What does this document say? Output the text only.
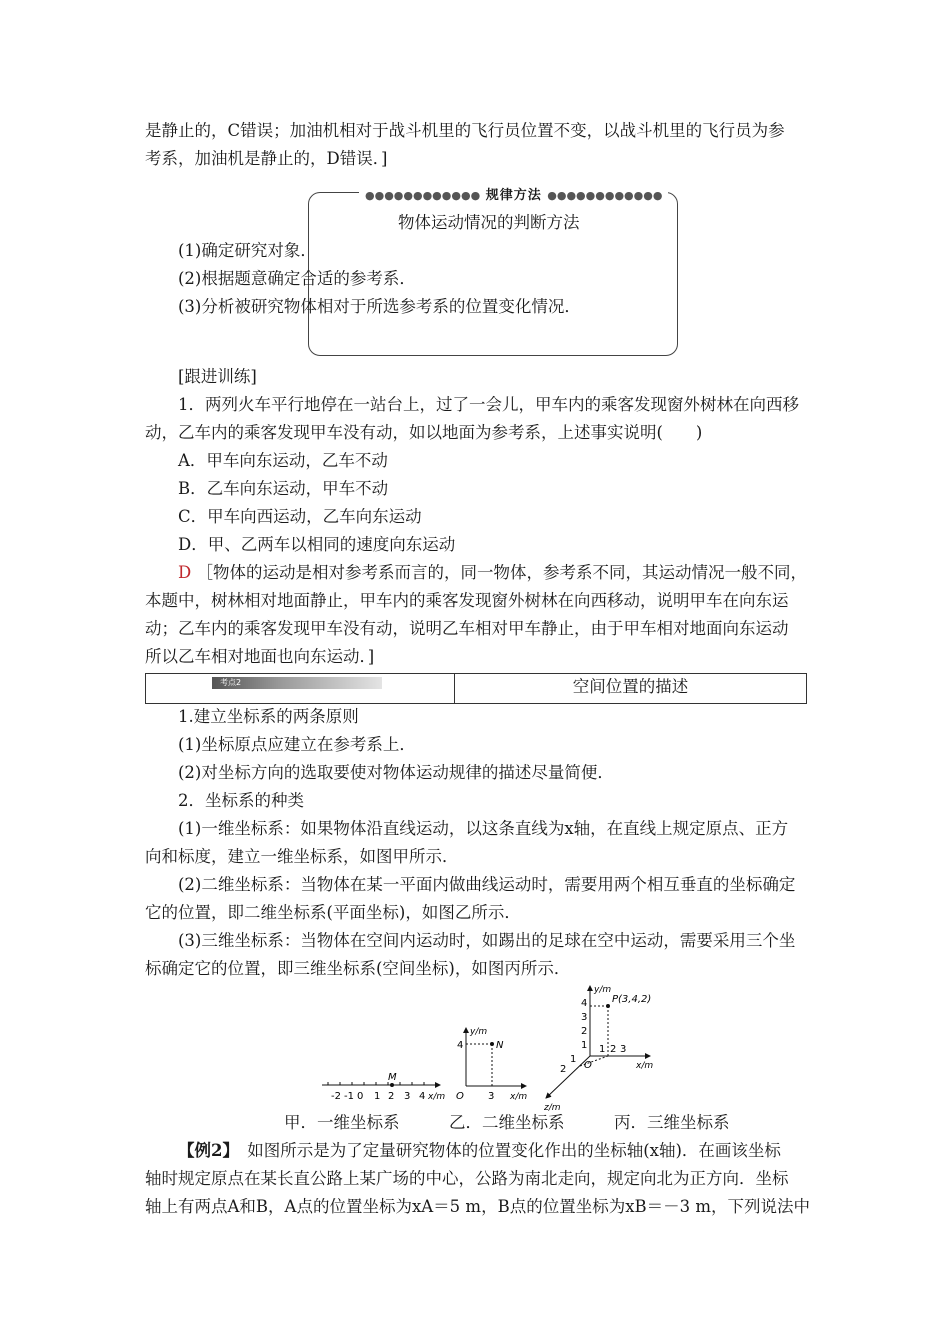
是静止的，C错误；加油机相对于战斗机里的飞行员位置不变，以战斗机里的飞行员为参
考系，加油机是静止的，D错误．]
●●●●●●●●●●●● 规律方法 ●●●●●●●●●●●●
物体运动情况的判断方法
(1)确定研究对象．
(2)根据题意确定合适的参考系．
(3)分析被研究物体相对于所选参考系的位置变化情况．
[跟进训练]
1．两列火车平行地停在一站台上，过了一会儿，甲车内的乘客发现窗外树林在向西移
动，乙车内的乘客发现甲车没有动，如以地面为参考系，上述事实说明(　　)
A．甲车向东运动，乙车不动
B．乙车向东运动，甲车不动
C．甲车向西运动，乙车向东运动
D．甲、乙两车以相同的速度向东运动
D ［物体的运动是相对参考系而言的，同一物体，参考系不同，其运动情况一般不同，
本题中，树林相对地面静止，甲车内的乘客发现窗外树林在向西移动，说明甲车在向东运
动；乙车内的乘客发现甲车没有动，说明乙车相对甲车静止，由于甲车相对地面向东运动
所以乙车相对地面也向东运动．]
考点2	空间位置的描述
1.建立坐标系的两条原则
(1)坐标原点应建立在参考系上．
(2)对坐标方向的选取要使对物体运动规律的描述尽量简便．
2．坐标系的种类
(1)一维坐标系：如果物体沿直线运动，以这条直线为x轴，在直线上规定原点、正方
向和标度，建立一维坐标系，如图甲所示．
(2)二维坐标系：当物体在某一平面内做曲线运动时，需要用两个相互垂直的坐标确定
它的位置，即二维坐标系(平面坐标)，如图乙所示．
(3)三维坐标系：当物体在空间内运动时，如踢出的足球在空中运动，需要采用三个坐
标确定它的位置，即三维坐标系(空间坐标)，如图丙所示．
M
-2 -1 0 1 2 3 4 x/m
N
y/m
4
3
O	x/m
P(3,4,2)
y/m
1
2
3
4
1 2 3
1
2 O	x/m
z/m
甲．一维坐标系　　　乙．二维坐标系　　　丙．三维坐标系
【例2】　如图所示是为了定量研究物体的位置变化作出的坐标轴(x轴)．在画该坐标
轴时规定原点在某长直公路上某广场的中心，公路为南北走向，规定向北为正方向．坐标
轴上有两点A和B，A点的位置坐标为xA＝5 m，B点的位置坐标为xB＝－3 m，下列说法中
